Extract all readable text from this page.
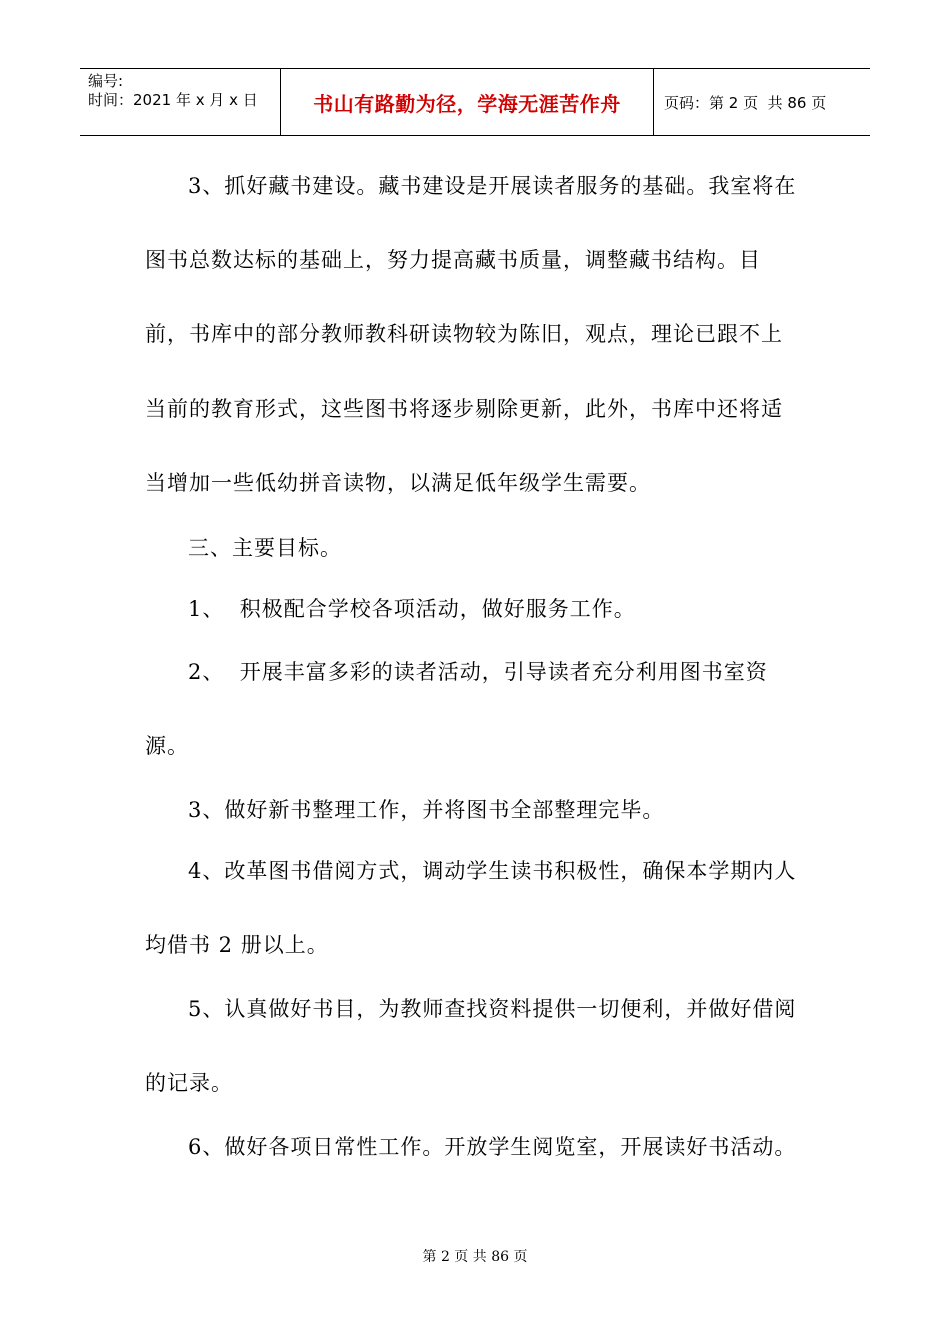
编号:
时间：2021 年 x 月 x 日	书山有路勤为径，学海无涯苦作舟	页码：第 2 页  共 86 页
3、抓好藏书建设。藏书建设是开展读者服务的基础。我室将在
图书总数达标的基础上，努力提高藏书质量，调整藏书结构。目
前，书库中的部分教师教科研读物较为陈旧，观点，理论已跟不上
当前的教育形式，这些图书将逐步剔除更新，此外，书库中还将适
当增加一些低幼拼音读物，以满足低年级学生需要。
三、主要目标。
1、  积极配合学校各项活动，做好服务工作。
2、  开展丰富多彩的读者活动，引导读者充分利用图书室资
源。
3、做好新书整理工作，并将图书全部整理完毕。
4、改革图书借阅方式，调动学生读书积极性，确保本学期内人
均借书 2 册以上。
5、认真做好书目，为教师查找资料提供一切便利，并做好借阅
的记录。
6、做好各项日常性工作。开放学生阅览室，开展读好书活动。
第 2 页 共 86 页
